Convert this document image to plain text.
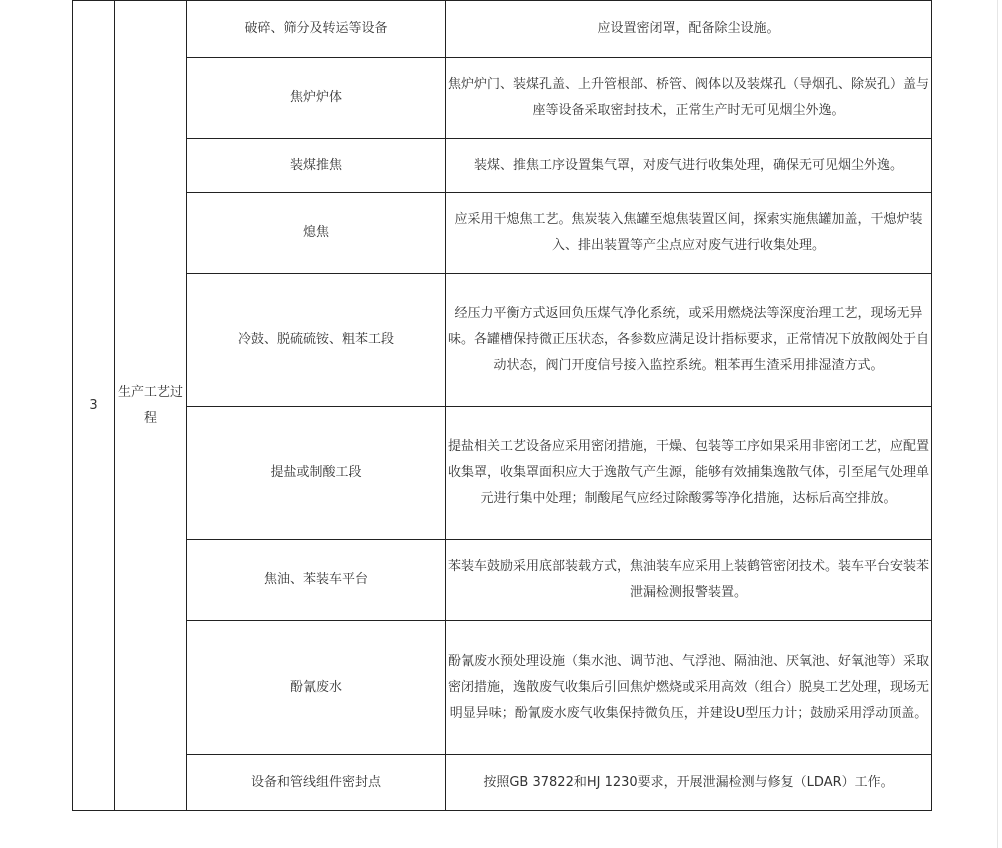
3	生产工艺过程	破碎、筛分及转运等设备	应设置密闭罩，配备除尘设施。
		焦炉炉体	焦炉炉门、装煤孔盖、上升管根部、桥管、阀体以及装煤孔（导烟孔、除炭孔）盖与座等设备采取密封技术，正常生产时无可见烟尘外逸。
		装煤推焦	装煤、推焦工序设置集气罩，对废气进行收集处理，确保无可见烟尘外逸。
		熄焦	应采用干熄焦工艺。焦炭装入焦罐至熄焦装置区间，探索实施焦罐加盖，干熄炉装入、排出装置等产尘点应对废气进行收集处理。
		冷鼓、脱硫硫铵、粗苯工段	经压力平衡方式返回负压煤气净化系统，或采用燃烧法等深度治理工艺，现场无异味。各罐槽保持微正压状态，各参数应满足设计指标要求，正常情况下放散阀处于自动状态，阀门开度信号接入监控系统。粗苯再生渣采用排湿渣方式。
		提盐或制酸工段	提盐相关工艺设备应采用密闭措施，干燥、包装等工序如果采用非密闭工艺，应配置收集罩，收集罩面积应大于逸散气产生源，能够有效捕集逸散气体，引至尾气处理单元进行集中处理；制酸尾气应经过除酸雾等净化措施，达标后高空排放。
		焦油、苯装车平台	苯装车鼓励采用底部装载方式，焦油装车应采用上装鹤管密闭技术。装车平台安装苯泄漏检测报警装置。
		酚氰废水	酚氰废水预处理设施（集水池、调节池、气浮池、隔油池、厌氧池、好氧池等）采取密闭措施，逸散废气收集后引回焦炉燃烧或采用高效（组合）脱臭工艺处理，现场无明显异味；酚氰废水废气收集保持微负压，并建设U型压力计；鼓励采用浮动顶盖。
		设备和管线组件密封点	按照GB 37822和HJ 1230要求，开展泄漏检测与修复（LDAR）工作。
